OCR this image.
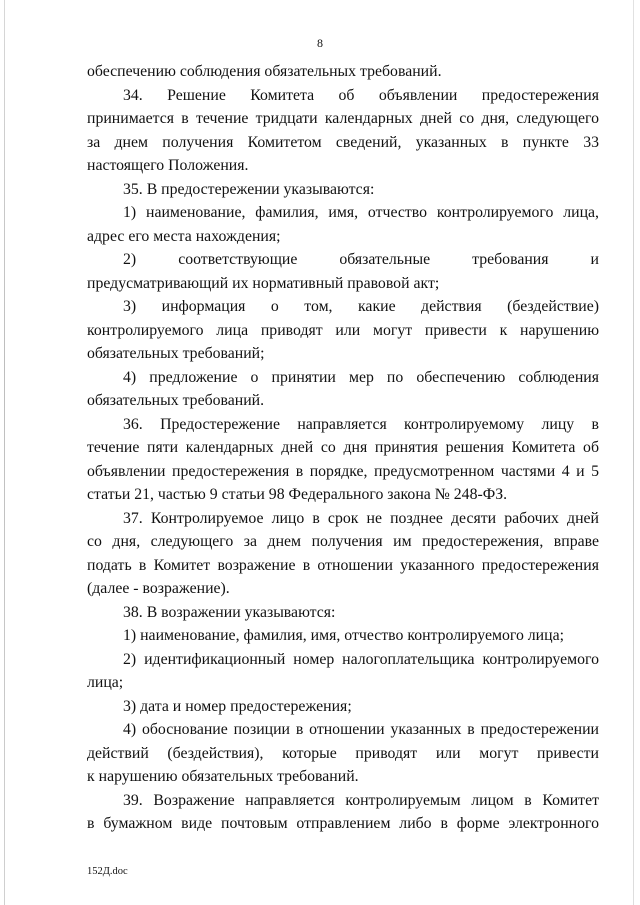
8
обеспечению соблюдения обязательных требований.
34. Решение Комитета об объявлении предостережения
принимается в течение тридцати календарных дней со дня, следующего
за днем получения Комитетом сведений, указанных в пункте 33
настоящего Положения.
35. В предостережении указываются:
1) наименование, фамилия, имя, отчество контролируемого лица,
адрес его места нахождения;
2) соответствующие обязательные требования и
предусматривающий их нормативный правовой акт;
3) информация о том, какие действия (бездействие)
контролируемого лица приводят или могут привести к нарушению
обязательных требований;
4) предложение о принятии мер по обеспечению соблюдения
обязательных требований.
36. Предостережение направляется контролируемому лицу в
течение пяти календарных дней со дня принятия решения Комитета об
объявлении предостережения в порядке, предусмотренном частями 4 и 5
статьи 21, частью 9 статьи 98 Федерального закона № 248-ФЗ.
37. Контролируемое лицо в срок не позднее десяти рабочих дней
со дня, следующего за днем получения им предостережения, вправе
подать в Комитет возражение в отношении указанного предостережения
(далее - возражение).
38. В возражении указываются:
1) наименование, фамилия, имя, отчество контролируемого лица;
2) идентификационный номер налогоплательщика контролируемого
лица;
3) дата и номер предостережения;
4) обоснование позиции в отношении указанных в предостережении
действий (бездействия), которые приводят или могут привести
к нарушению обязательных требований.
39. Возражение направляется контролируемым лицом в Комитет
в бумажном виде почтовым отправлением либо в форме электронного
152Д.doc
